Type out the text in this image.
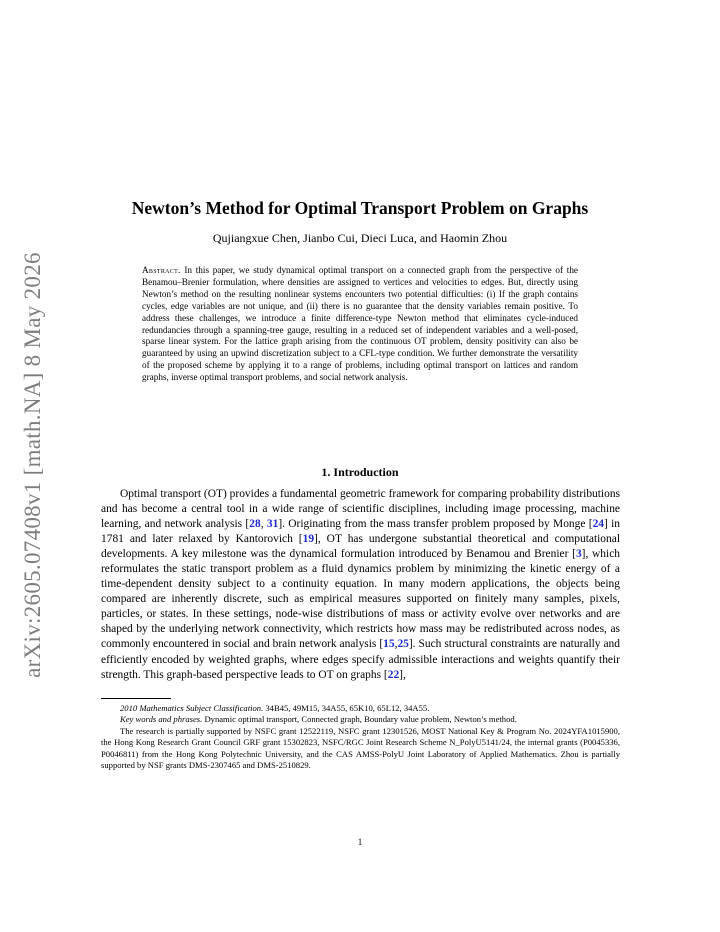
arXiv:2605.07408v1 [math.NA] 8 May 2026
Newton’s Method for Optimal Transport Problem on Graphs
Qujiangxue Chen, Jianbo Cui, Dieci Luca, and Haomin Zhou
Abstract. In this paper, we study dynamical optimal transport on a connected graph from the perspective of the Benamou–Brenier formulation, where densities are assigned to vertices and velocities to edges. But, directly using Newton’s method on the resulting nonlinear systems encounters two potential difficulties: (i) If the graph contains cycles, edge variables are not unique, and (ii) there is no guarantee that the density variables remain positive. To address these challenges, we introduce a finite difference-type Newton method that eliminates cycle-induced redundancies through a spanning-tree gauge, resulting in a reduced set of independent variables and a well-posed, sparse linear system. For the lattice graph arising from the continuous OT problem, density positivity can also be guaranteed by using an upwind discretization subject to a CFL-type condition. We further demonstrate the versatility of the proposed scheme by applying it to a range of problems, including optimal transport on lattices and random graphs, inverse optimal transport problems, and social network analysis.
1. Introduction

Optimal transport (OT) provides a fundamental geometric framework for comparing probability distributions and has become a central tool in a wide range of scientific disciplines, including image processing, machine learning, and network analysis [28, 31]. Originating from the mass transfer problem proposed by Monge [24] in 1781 and later relaxed by Kantorovich [19], OT has undergone substantial theoretical and computational developments. A key milestone was the dynamical formulation introduced by Benamou and Brenier [3], which reformulates the static transport problem as a fluid dynamics problem by minimizing the kinetic energy of a time-dependent density subject to a continuity equation. In many modern applications, the objects being compared are inherently discrete, such as empirical measures supported on finitely many samples, pixels, particles, or states. In these settings, node-wise distributions of mass or activity evolve over networks and are shaped by the underlying network connectivity, which restricts how mass may be redistributed across nodes, as commonly encountered in social and brain network analysis [15,25]. Such structural constraints are naturally and efficiently encoded by weighted graphs, where edges specify admissible interactions and weights quantify their strength. This graph-based perspective leads to OT on graphs [22],

2010 Mathematics Subject Classification. 34B45, 49M15, 34A55, 65K10, 65L12, 34A55.

Key words and phrases. Dynamic optimal transport, Connected graph, Boundary value problem, Newton’s method.

The research is partially supported by NSFC grant 12522119, NSFC grant 12301526, MOST National Key & Program No. 2024YFA1015900, the Hong Kong Research Grant Council GRF grant 15302823, NSFC/RGC Joint Research Scheme N_PolyU5141/24, the internal grants (P0045336, P0046811) from the Hong Kong Polytechnic University, and the CAS AMSS-PolyU Joint Laboratory of Applied Mathematics. Zhou is partially supported by NSF grants DMS-2307465 and DMS-2510829.

1
